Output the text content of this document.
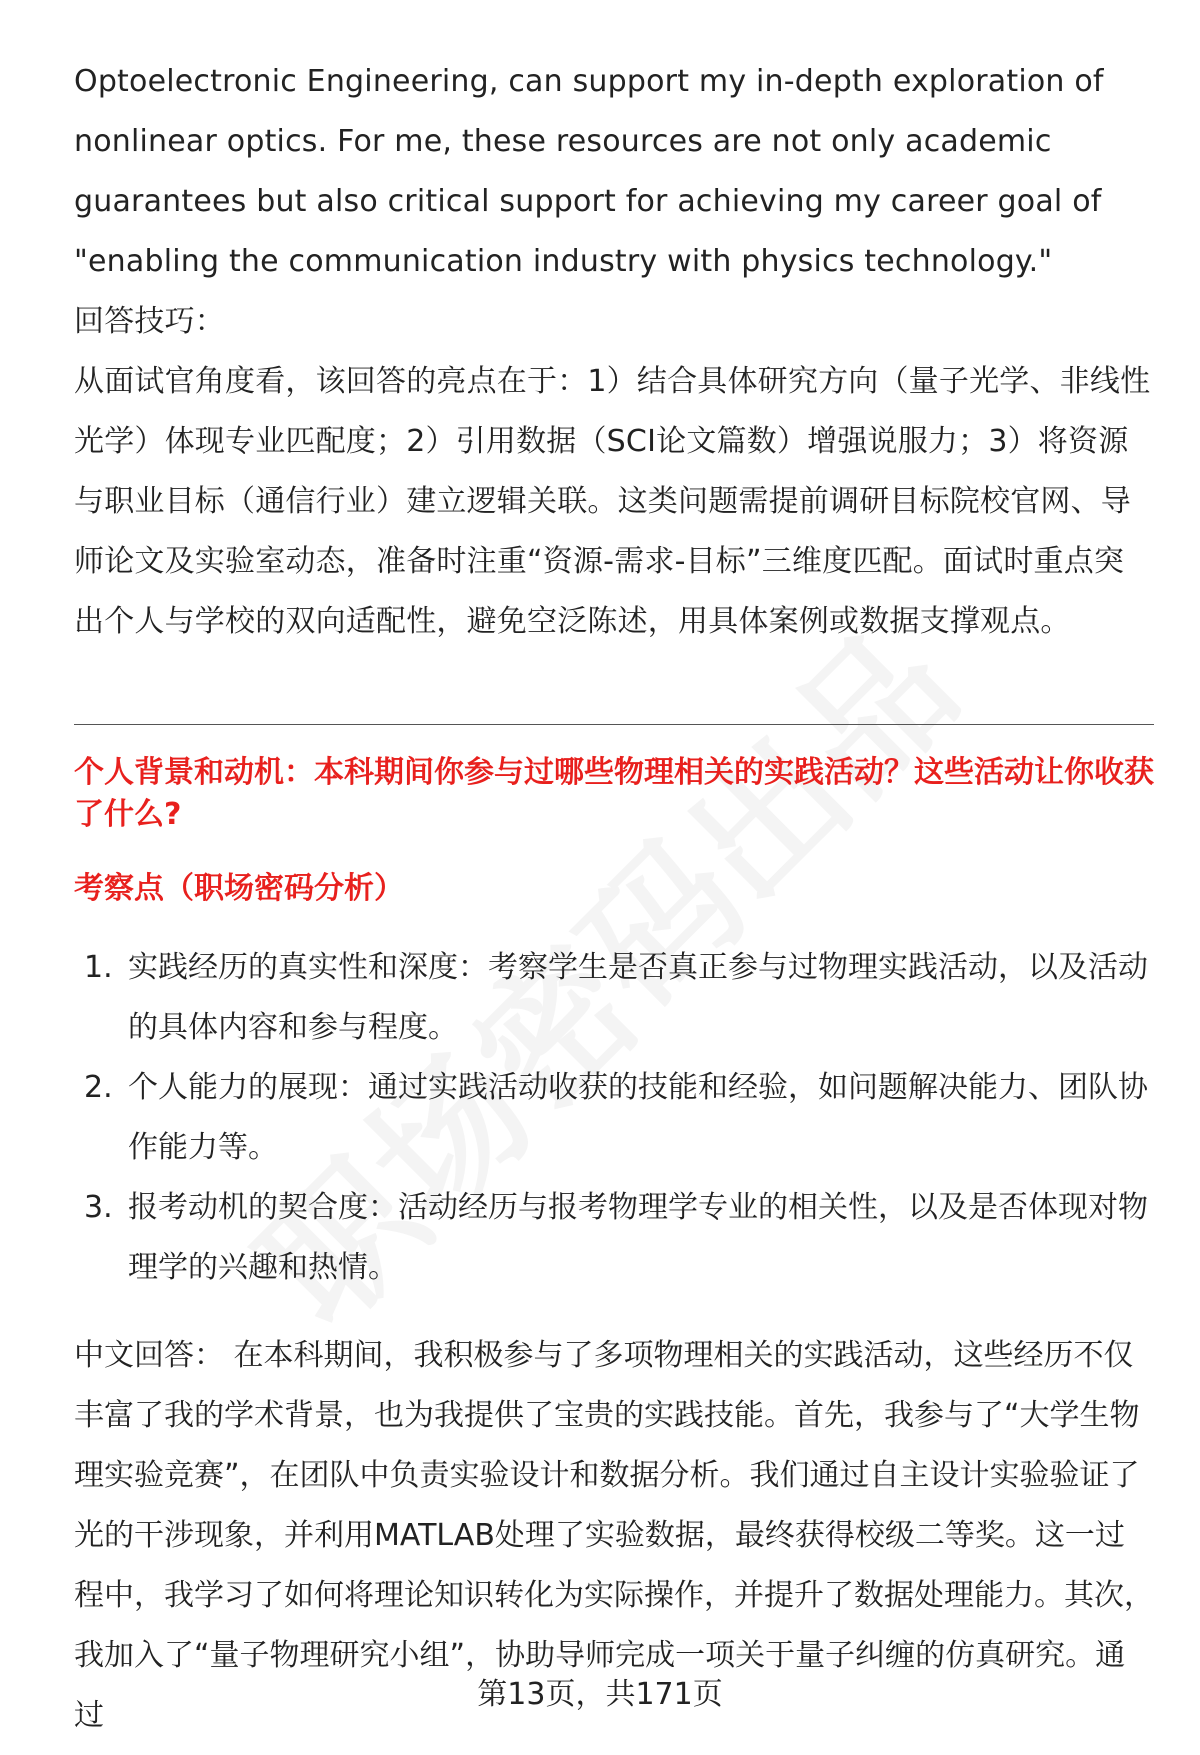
Optoelectronic Engineering, can support my in-depth exploration of nonlinear optics. For me, these resources are not only academic guarantees but also critical support for achieving my career goal of "enabling the communication industry with physics technology."

回答技巧：

从面试官角度看，该回答的亮点在于：1）结合具体研究方向（量子光学、非线性光学）体现专业匹配度；2）引用数据（SCI论文篇数）增强说服力；3）将资源与职业目标（通信行业）建立逻辑关联。这类问题需提前调研目标院校官网、导师论文及实验室动态，准备时注重“资源-需求-目标”三维度匹配。面试时重点突出个人与学校的双向适配性，避免空泛陈述，用具体案例或数据支撑观点。

个人背景和动机：本科期间你参与过哪些物理相关的实践活动？这些活动让你收获了什么?

考察点（职场密码分析）

1. 实践经历的真实性和深度：考察学生是否真正参与过物理实践活动，以及活动的具体内容和参与程度。
2. 个人能力的展现：通过实践活动收获的技能和经验，如问题解决能力、团队协作能力等。
3. 报考动机的契合度：活动经历与报考物理学专业的相关性，以及是否体现对物理学的兴趣和热情。

中文回答： 在本科期间，我积极参与了多项物理相关的实践活动，这些经历不仅丰富了我的学术背景，也为我提供了宝贵的实践技能。首先，我参与了“大学生物理实验竞赛”，在团队中负责实验设计和数据分析。我们通过自主设计实验验证了光的干涉现象，并利用MATLAB处理了实验数据，最终获得校级二等奖。这一过程中，我学习了如何将理论知识转化为实际操作，并提升了数据处理能力。其次，我加入了“量子物理研究小组”，协助导师完成一项关于量子纠缠的仿真研究。通过

第13页，共171页
